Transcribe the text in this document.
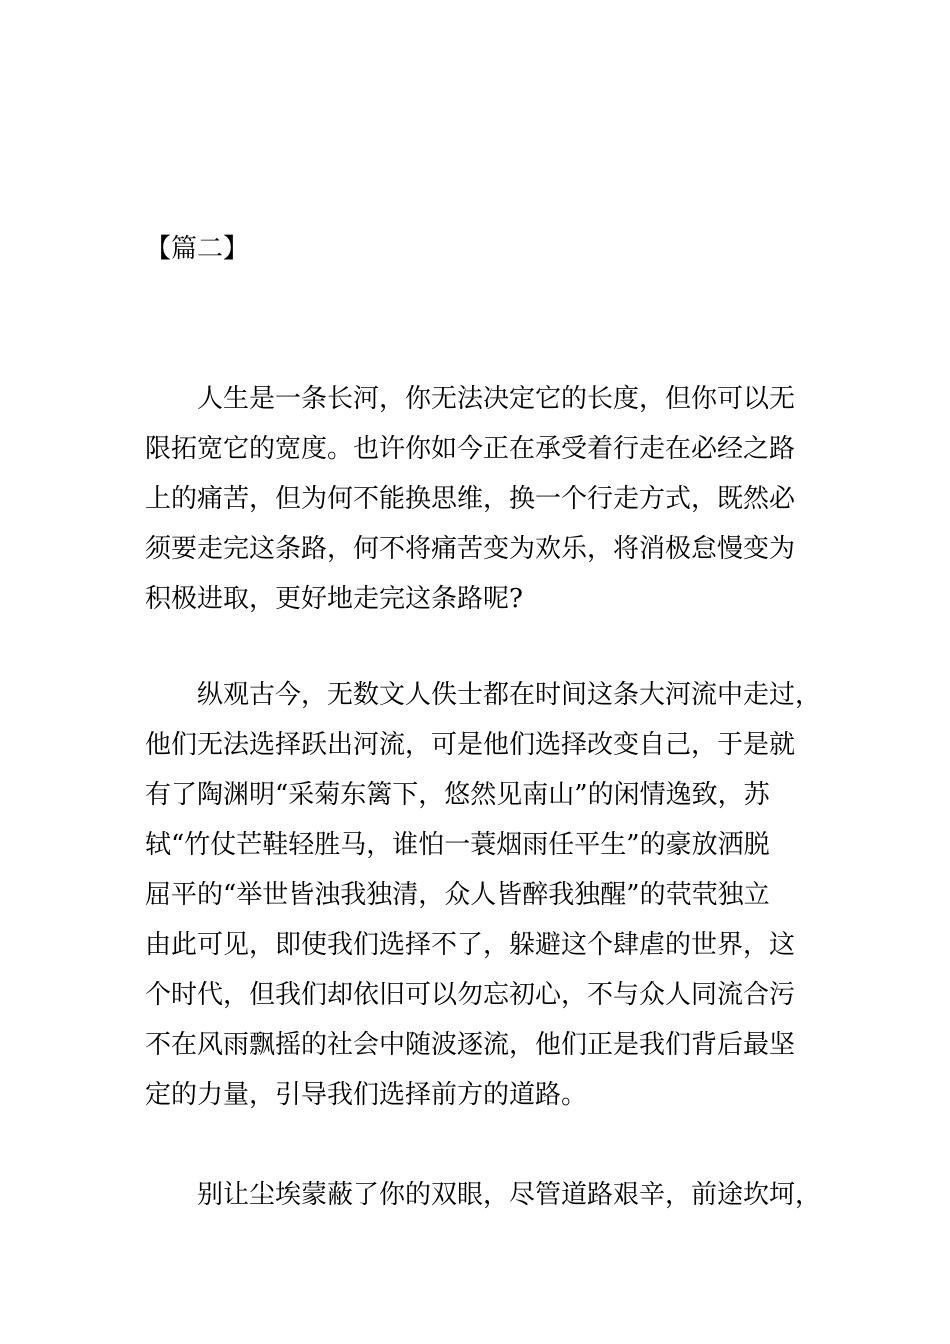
【篇二】

人生是一条长河，你无法决定它的长度，但你可以无

限拓宽它的宽度。也许你如今正在承受着行走在必经之路

上的痛苦，但为何不能换思维，换一个行走方式，既然必

须要走完这条路，何不将痛苦变为欢乐，将消极怠慢变为

积极进取，更好地走完这条路呢?

纵观古今，无数文人佚士都在时间这条大河流中走过，

他们无法选择跃出河流，可是他们选择改变自己，于是就

有了陶渊明“采菊东篱下，悠然见南山”的闲情逸致，苏

轼“竹仗芒鞋轻胜马，谁怕一蓑烟雨任平生”的豪放洒脱

屈平的“举世皆浊我独清，众人皆醉我独醒”的茕茕独立

由此可见，即使我们选择不了，躲避这个肆虐的世界，这

个时代，但我们却依旧可以勿忘初心，不与众人同流合污

不在风雨飘摇的社会中随波逐流，他们正是我们背后最坚

定的力量，引导我们选择前方的道路。

别让尘埃蒙蔽了你的双眼，尽管道路艰辛，前途坎坷，
